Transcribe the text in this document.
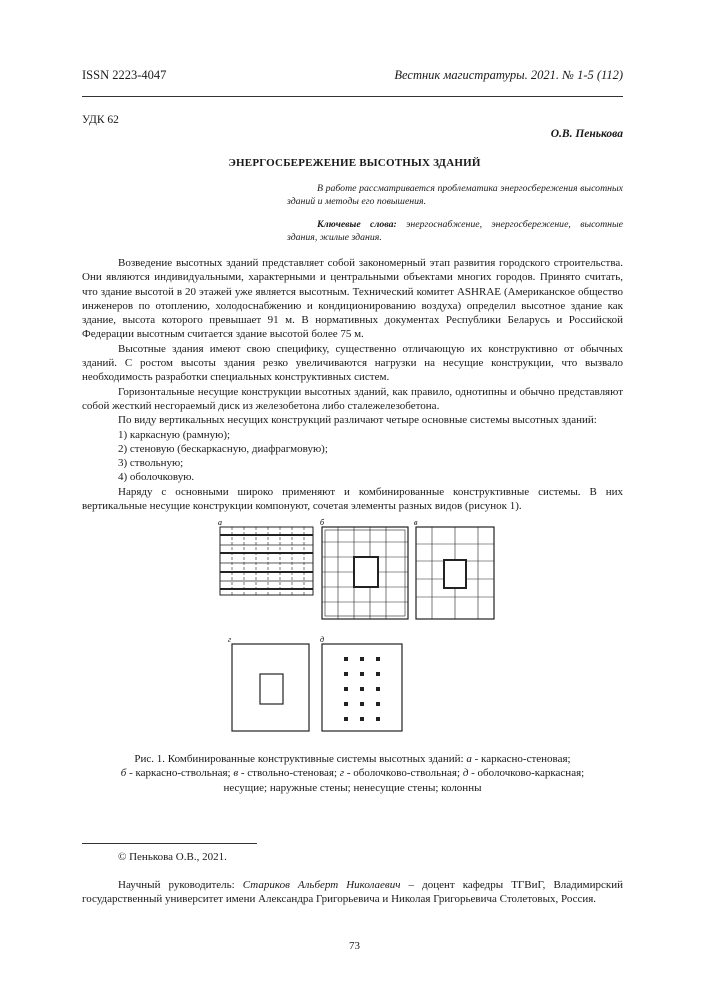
ISSN 2223-4047	Вестник магистратуры. 2021. № 1-5 (112)
УДК 62
О.В. Пенькова
ЭНЕРГОСБЕРЕЖЕНИЕ ВЫСОТНЫХ ЗДАНИЙ
В работе рассматривается проблематика энергосбережения высотных зданий и методы его повышения.
Ключевые слова: энергоснабжение, энергосбережение, высотные здания, жилые здания.

Возведение высотных зданий представляет собой закономерный этап развития городского строительства. Они являются индивидуальными, характерными и центральными объектами многих городов. Принято считать, что здание высотой в 20 этажей уже является высотным. Технический комитет ASHRAE (Американское общество инженеров по отоплению, холодоснабжению и кондиционированию воздуха) определил высотное здание как здание, высота которого превышает 91 м. В нормативных документах Республики Беларусь и Российской Федерации высотным считается здание высотой более 75 м.

Высотные здания имеют свою специфику, существенно отличающую их конструктивно от обычных зданий. С ростом высоты здания резко увеличиваются нагрузки на несущие конструкции, что вызвало необходимость разработки специальных конструктивных систем.

Горизонтальные несущие конструкции высотных зданий, как правило, однотипны и обычно представляют собой жесткий несгораемый диск из железобетона либо сталежелезобетона.

По виду вертикальных несущих конструкций различают четыре основные системы высотных зданий:

1) каркасную (рамную);

2) стеновую (бескаркасную, диафрагмовую);

3) ствольную;

4) оболочковую.

Наряду с основными широко применяют и комбинированные конструктивные системы. В них вертикальные несущие конструкции компонуют, сочетая элементы разных видов (рисунок 1).

а	б	в
г	д
Рис. 1. Комбинированные конструктивные системы высотных зданий: а - каркасно-стеновая;
б - каркасно-ствольная; в - ствольно-стеновая; г - оболочково-ствольная; д - оболочково-каркасная;
несущие; наружные стены; ненесущие стены; колонны
© Пенькова О.В., 2021.
Научный руководитель: Стариков Альберт Николаевич – доцент кафедры ТГВиГ, Владимирский государственный университет имени Александра Григорьевича и Николая Григорьевича Столетовых, Россия.
73
